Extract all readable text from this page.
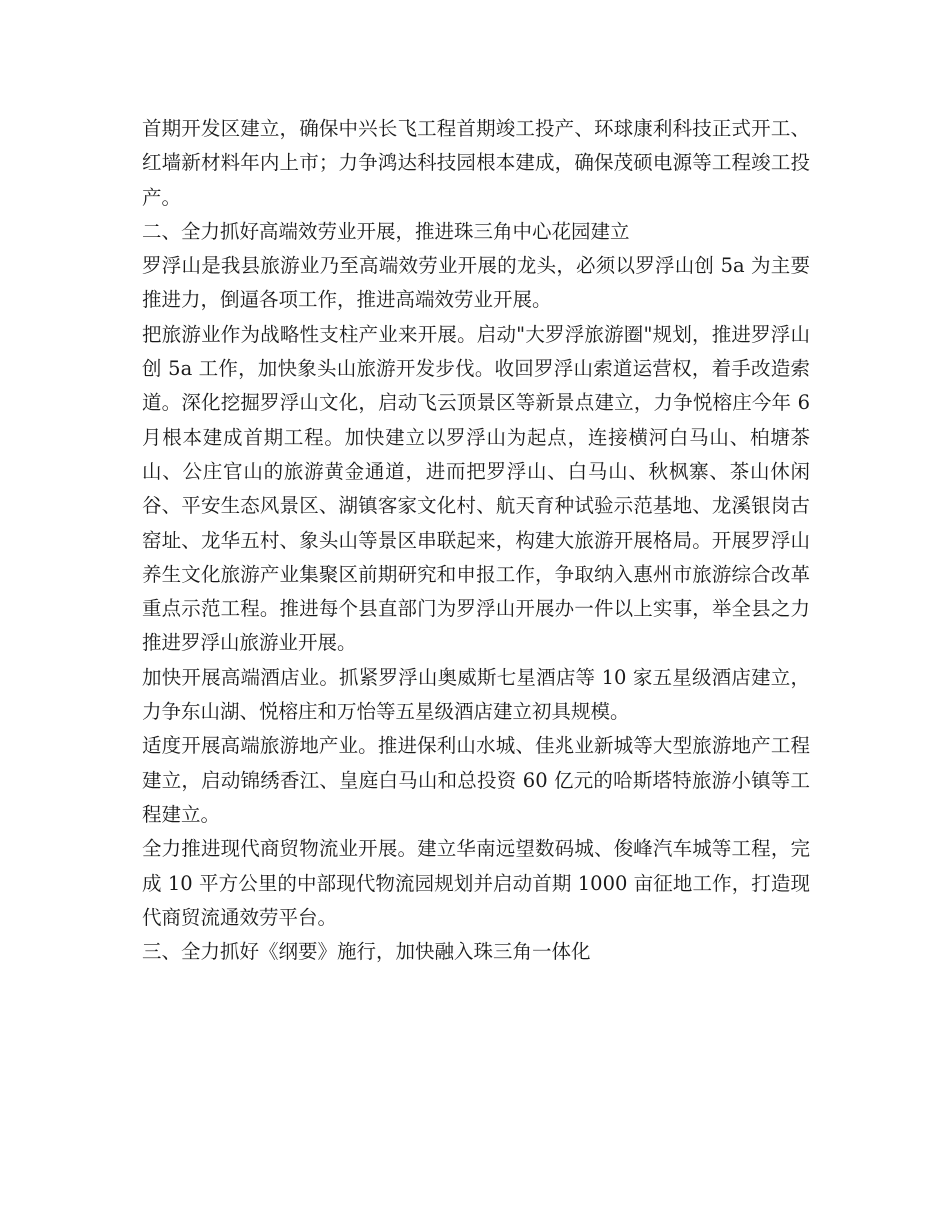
首期开发区建立，确保中兴长飞工程首期竣工投产、环球康利科技正式开工、红墙新材料年内上市；力争鸿达科技园根本建成，确保茂硕电源等工程竣工投产。

二、全力抓好高端效劳业开展，推进珠三角中心花园建立

罗浮山是我县旅游业乃至高端效劳业开展的龙头，必须以罗浮山创 5a 为主要推进力，倒逼各项工作，推进高端效劳业开展。

把旅游业作为战略性支柱产业来开展。启动"大罗浮旅游圈"规划，推进罗浮山创 5a 工作，加快象头山旅游开发步伐。收回罗浮山索道运营权，着手改造索道。深化挖掘罗浮山文化，启动飞云顶景区等新景点建立，力争悦榕庄今年 6 月根本建成首期工程。加快建立以罗浮山为起点，连接横河白马山、柏塘茶山、公庄官山的旅游黄金通道，进而把罗浮山、白马山、秋枫寨、茶山休闲谷、平安生态风景区、湖镇客家文化村、航天育种试验示范基地、龙溪银岗古窑址、龙华五村、象头山等景区串联起来，构建大旅游开展格局。开展罗浮山养生文化旅游产业集聚区前期研究和申报工作，争取纳入惠州市旅游综合改革重点示范工程。推进每个县直部门为罗浮山开展办一件以上实事，举全县之力推进罗浮山旅游业开展。

加快开展高端酒店业。抓紧罗浮山奥威斯七星酒店等 10 家五星级酒店建立，力争东山湖、悦榕庄和万怡等五星级酒店建立初具规模。

适度开展高端旅游地产业。推进保利山水城、佳兆业新城等大型旅游地产工程建立，启动锦绣香江、皇庭白马山和总投资 60 亿元的哈斯塔特旅游小镇等工程建立。

全力推进现代商贸物流业开展。建立华南远望数码城、俊峰汽车城等工程，完成 10 平方公里的中部现代物流园规划并启动首期 1000 亩征地工作，打造现代商贸流通效劳平台。

三、全力抓好《纲要》施行，加快融入珠三角一体化
